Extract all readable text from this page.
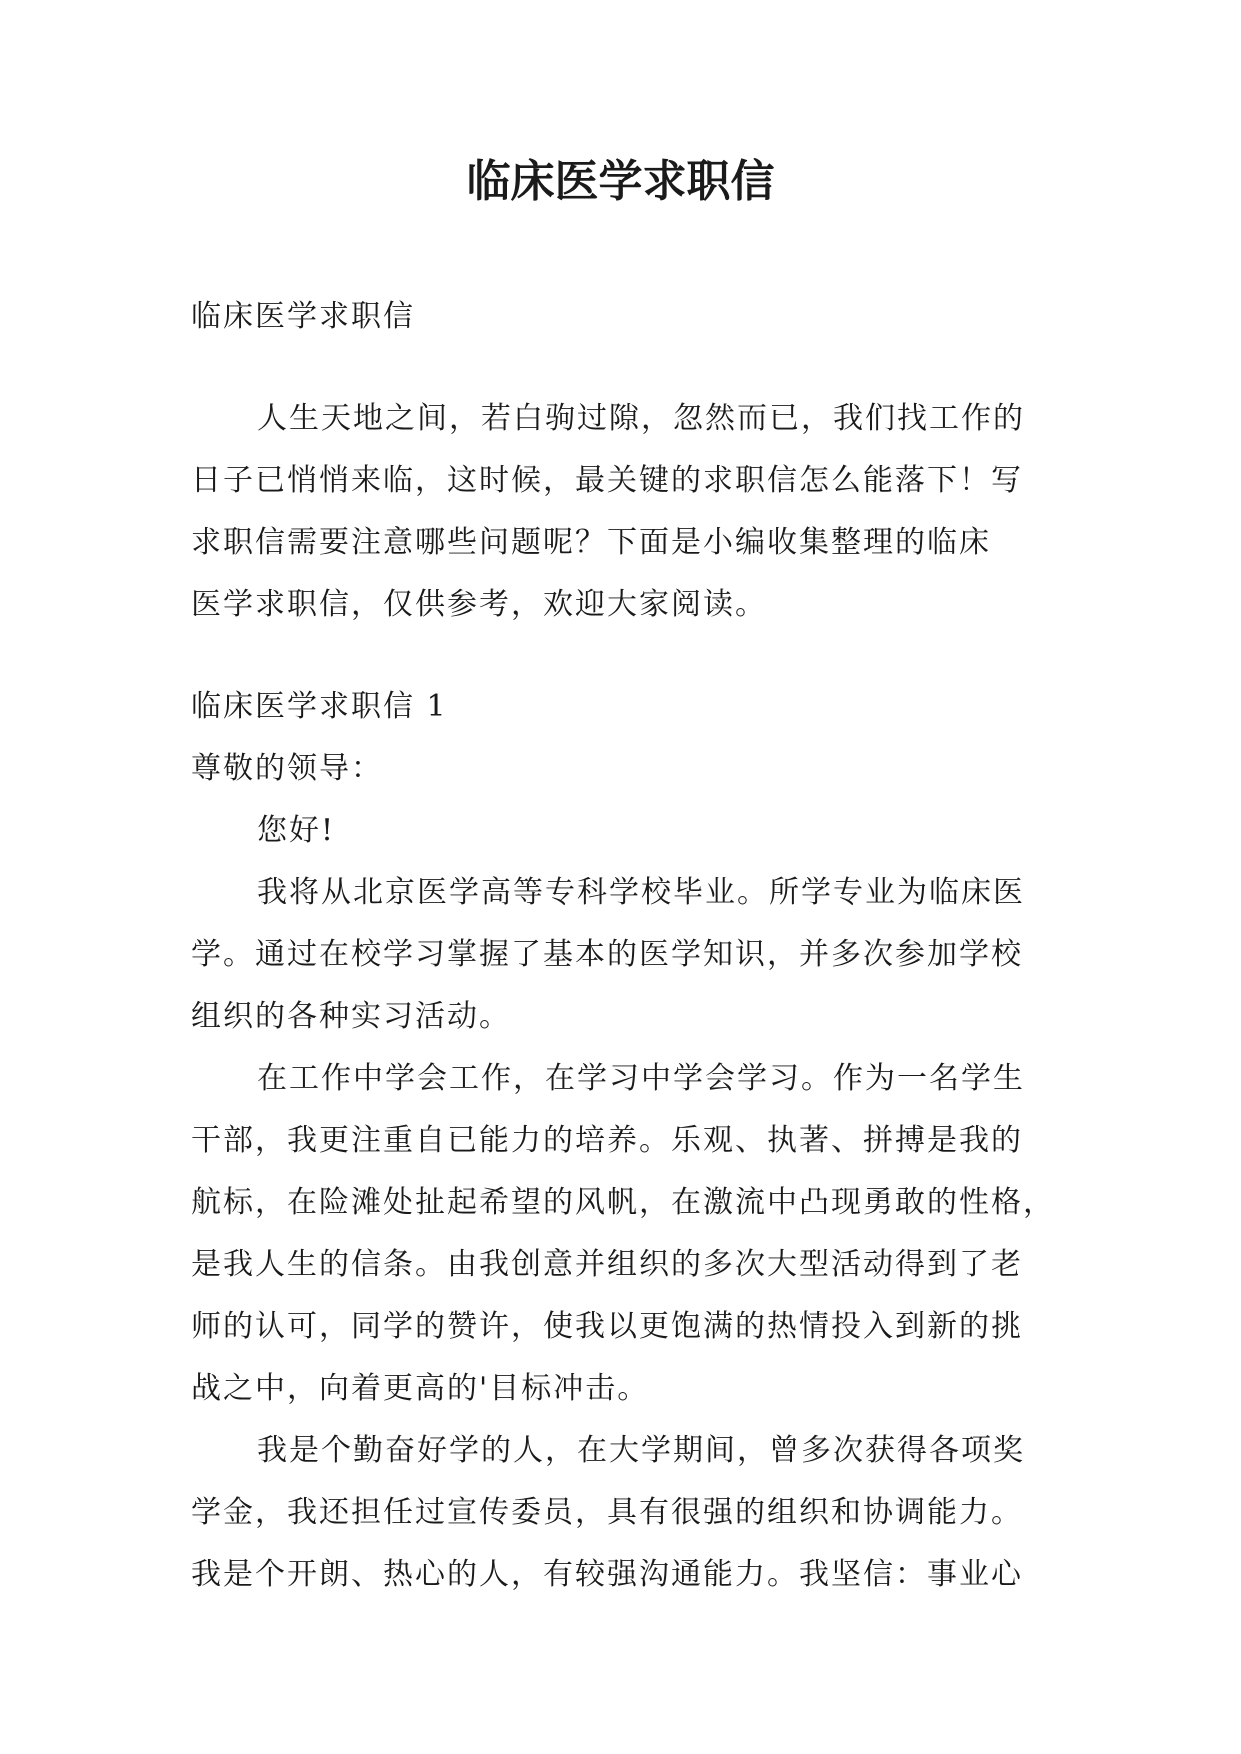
临床医学求职信
临床医学求职信
人生天地之间，若白驹过隙，忽然而已，我们找工作的
日子已悄悄来临，这时候，最关键的求职信怎么能落下！写
求职信需要注意哪些问题呢？下面是小编收集整理的临床
医学求职信，仅供参考，欢迎大家阅读。
临床医学求职信 1
尊敬的领导：
您好!
我将从北京医学高等专科学校毕业。所学专业为临床医
学。通过在校学习掌握了基本的医学知识，并多次参加学校
组织的各种实习活动。
在工作中学会工作，在学习中学会学习。作为一名学生
干部，我更注重自已能力的培养。乐观、执著、拼搏是我的
航标，在险滩处扯起希望的风帆，在激流中凸现勇敢的性格，
是我人生的信条。由我创意并组织的多次大型活动得到了老
师的认可，同学的赞许，使我以更饱满的热情投入到新的挑
战之中，向着更高的'目标冲击。
我是个勤奋好学的人，在大学期间，曾多次获得各项奖
学金，我还担任过宣传委员，具有很强的组织和协调能力。
我是个开朗、热心的人，有较强沟通能力。我坚信：事业心
